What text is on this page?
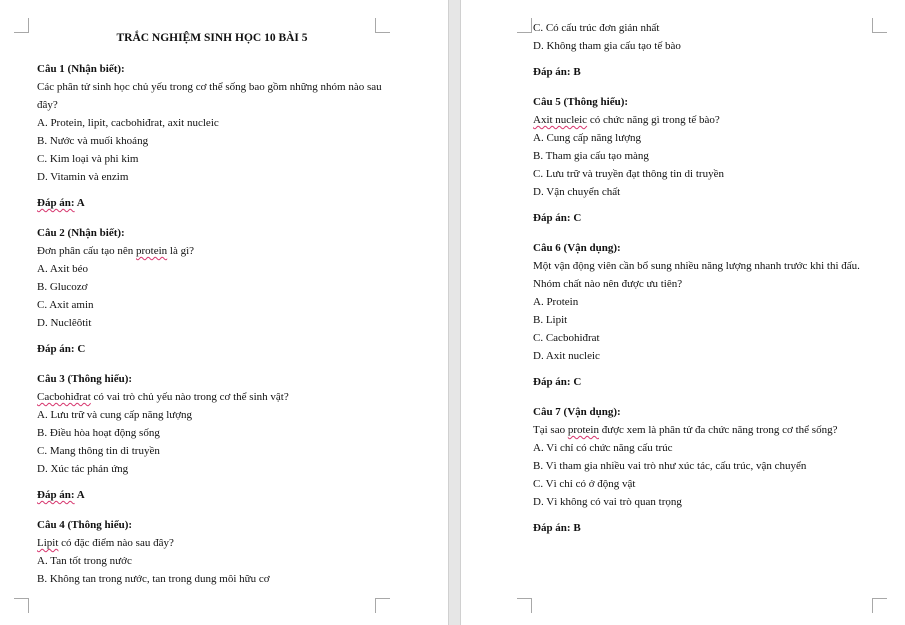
TRẮC NGHIỆM SINH HỌC 10 BÀI 5
Câu 1 (Nhận biết):
Các phân tử sinh học chủ yếu trong cơ thể sống bao gồm những nhóm nào sau đây?
A. Protein, lipit, cacbohiđrat, axit nucleic
B. Nước và muối khoáng
C. Kim loại và phi kim
D. Vitamin và enzim
Đáp án: A
Câu 2 (Nhận biết):
Đơn phân cấu tạo nên protein là gì?
A. Axit béo
B. Glucozơ
C. Axit amin
D. Nuclêôtit
Đáp án: C
Câu 3 (Thông hiểu):
Cacbohiđrat có vai trò chủ yếu nào trong cơ thể sinh vật?
A. Lưu trữ và cung cấp năng lượng
B. Điều hòa hoạt động sống
C. Mang thông tin di truyền
D. Xúc tác phản ứng
Đáp án: A
Câu 4 (Thông hiểu):
Lipit có đặc điểm nào sau đây?
A. Tan tốt trong nước
B. Không tan trong nước, tan trong dung môi hữu cơ
C. Có cấu trúc đơn giản nhất
D. Không tham gia cấu tạo tế bào
Đáp án: B
Câu 5 (Thông hiểu):
Axit nucleic có chức năng gì trong tế bào?
A. Cung cấp năng lượng
B. Tham gia cấu tạo màng
C. Lưu trữ và truyền đạt thông tin di truyền
D. Vận chuyển chất
Đáp án: C
Câu 6 (Vận dụng):
Một vận động viên cần bổ sung nhiều năng lượng nhanh trước khi thi đấu. Nhóm chất nào nên được ưu tiên?
A. Protein
B. Lipit
C. Cacbohiđrat
D. Axit nucleic
Đáp án: C
Câu 7 (Vận dụng):
Tại sao protein được xem là phân tử đa chức năng trong cơ thể sống?
A. Vì chỉ có chức năng cấu trúc
B. Vì tham gia nhiều vai trò như xúc tác, cấu trúc, vận chuyển
C. Vì chỉ có ở động vật
D. Vì không có vai trò quan trọng
Đáp án: B
